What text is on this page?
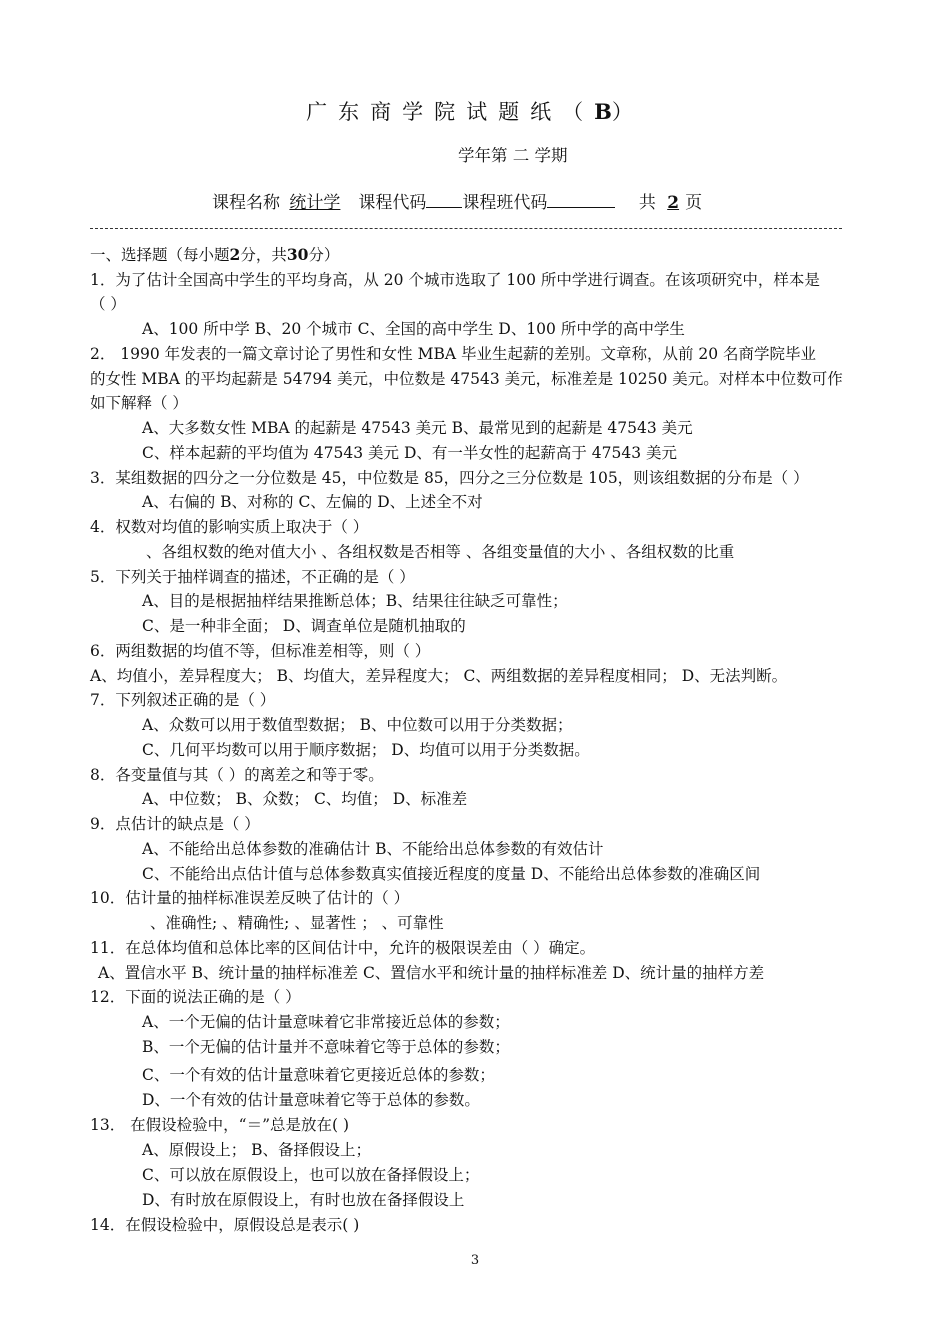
广东商学院试题纸（B）
学年第 二 学期
课程名称 统计学 课程代码 课程班代码	共 2 页
一、选择题（每小题2分，共30分）
1．为了估计全国高中学生的平均身高，从 20 个城市选取了 100 所中学进行调查。在该项研究中，样本是
（ ）
A、100 所中学 B、20 个城市 C、全国的高中学生 D、100 所中学的高中学生
2． 1990 年发表的一篇文章讨论了男性和女性 MBA 毕业生起薪的差别。文章称，从前 20 名商学院毕业
的女性 MBA 的平均起薪是 54794 美元，中位数是 47543 美元，标准差是 10250 美元。对样本中位数可作
如下解释（ ）
A、大多数女性 MBA 的起薪是 47543 美元 B、最常见到的起薪是 47543 美元
C、样本起薪的平均值为 47543 美元 D、有一半女性的起薪高于 47543 美元
3．某组数据的四分之一分位数是 45，中位数是 85，四分之三分位数是 105，则该组数据的分布是（ ）
A、右偏的 B、对称的 C、左偏的 D、上述全不对
4．权数对均值的影响实质上取决于（ ）
、各组权数的绝对值大小 、各组权数是否相等 、各组变量值的大小 、各组权数的比重
5．下列关于抽样调查的描述，不正确的是（ ）
A、目的是根据抽样结果推断总体；B、结果往往缺乏可靠性；
C、是一种非全面； D、调查单位是随机抽取的
6．两组数据的均值不等，但标准差相等，则（ ）
A、均值小，差异程度大； B、均值大，差异程度大； C、两组数据的差异程度相同； D、无法判断。
7．下列叙述正确的是（ ）
A、众数可以用于数值型数据； B、中位数可以用于分类数据；
C、几何平均数可以用于顺序数据； D、均值可以用于分类数据。
8．各变量值与其（ ）的离差之和等于零。
A、中位数； B、众数； C、均值； D、标准差
9．点估计的缺点是（ ）
A、不能给出总体参数的准确估计 B、不能给出总体参数的有效估计
C、不能给出点估计值与总体参数真实值接近程度的度量 D、不能给出总体参数的准确区间
10．估计量的抽样标准误差反映了估计的（ ）
、准确性; 、精确性; 、显著性 ； 、可靠性
11．在总体均值和总体比率的区间估计中，允许的极限误差由（ ）确定。
A、置信水平 B、统计量的抽样标准差 C、置信水平和统计量的抽样标准差 D、统计量的抽样方差
12．下面的说法正确的是（ ）
A、一个无偏的估计量意味着它非常接近总体的参数；
B、一个无偏的估计量并不意味着它等于总体的参数；
C、一个有效的估计量意味着它更接近总体的参数；
D、一个有效的估计量意味着它等于总体的参数。
13． 在假设检验中，“＝”总是放在( )
A、原假设上； B、备择假设上；
C、可以放在原假设上，也可以放在备择假设上；
D、有时放在原假设上，有时也放在备择假设上
14．在假设检验中，原假设总是表示( )
3
